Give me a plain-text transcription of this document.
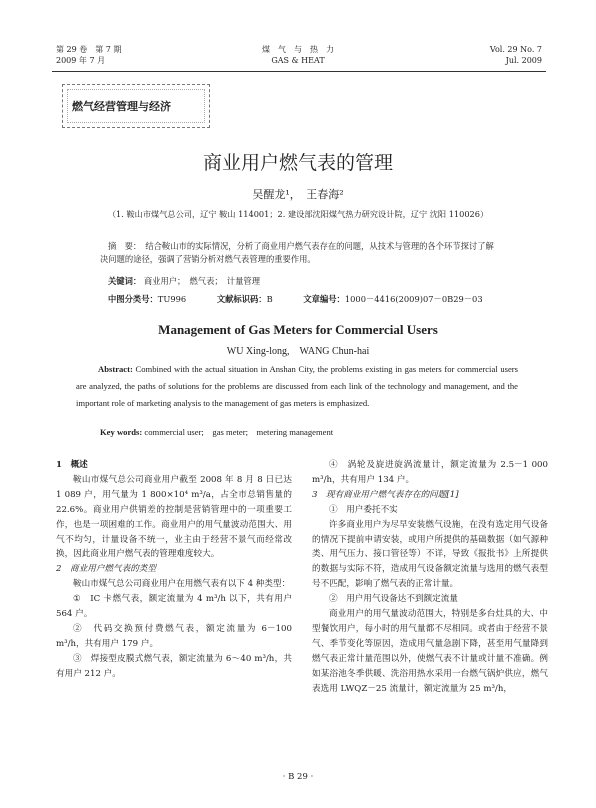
第 29 卷　第 7 期
2009 年 7 月
煤　气　与　热　力
GAS & HEAT
Vol. 29 No. 7
Jul. 2009
燃气经营管理与经济
商业用户燃气表的管理
吴醒龙¹，　王春海²
（1. 鞍山市煤气总公司，辽宁 鞍山 114001；2. 建设部沈阳煤气热力研究设计院，辽宁 沈阳 110026）
摘　要：　结合鞍山市的实际情况，分析了商业用户燃气表存在的问题，从技术与管理的各个环节探讨了解决问题的途径，强调了营销分析对燃气表管理的重要作用。
关键词： 商业用户；　燃气表；　计量管理
中图分类号：TU996	文献标识码：B	文章编号：1000－4416(2009)07－0B29－03
Management of Gas Meters for Commercial Users
WU Xing-long,　WANG Chun-hai
Abstract: Combined with the actual situation in Anshan City, the problems existing in gas meters for commercial users are analyzed, the paths of solutions for the problems are discussed from each link of the technology and management, and the important role of marketing analysis to the management of gas meters is emphasized.
Key words: commercial user;　gas meter;　metering management

1　概述

鞍山市煤气总公司商业用户截至 2008 年 8 月 8 日已达 1 089 户，用气量为 1 800×10⁴ m³/a，占全市总销售量的 22.6%。商业用户供销差的控制是营销管理中的一项重要工作，也是一项困难的工作。商业用户的用气量波动范围大、用气不均匀，计量设备不统一，业主由于经营不景气而经常改换，因此商业用户燃气表的管理难度较大。

2　商业用户燃气表的类型

鞍山市煤气总公司商业用户在用燃气表有以下 4 种类型：

①　IC 卡燃气表，额定流量为 4 m³/h 以下，共有用户 564 户。

②　代码交换预付费燃气表，额定流量为 6－100 m³/h，共有用户 179 户。

③　焊接型皮膜式燃气表，额定流量为 6～40 m³/h，共有用户 212 户。

④　涡轮及旋进旋涡流量计，额定流量为 2.5－1 000 m³/h，共有用户 134 户。

3　现有商业用户燃气表存在的问题[1]

①　用户委托不实

许多商业用户为尽早安装燃气设施，在没有选定用气设备的情况下提前申请安装，或用户所提供的基础数据（如气源种类、用气压力、接口管径等）不详，导致《报批书》上所提供的数据与实际不符，造成用气设备额定流量与选用的燃气表型号不匹配，影响了燃气表的正常计量。

②　用户用气设备达不到额定流量

商业用户的用气量波动范围大，特别是多台灶具的大、中型餐饮用户，每小时的用气量都不尽相同。或者由于经营不景气、季节变化等原因，造成用气量急剧下降，甚至用气量降到燃气表正常计量范围以外，使燃气表不计量或计量不准确。例如某浴池冬季供暖、洗浴用热水采用一台燃气锅炉供应，燃气表选用 LWQZ－25 流量计，额定流量为 25 m³/h，

· B 29 ·
